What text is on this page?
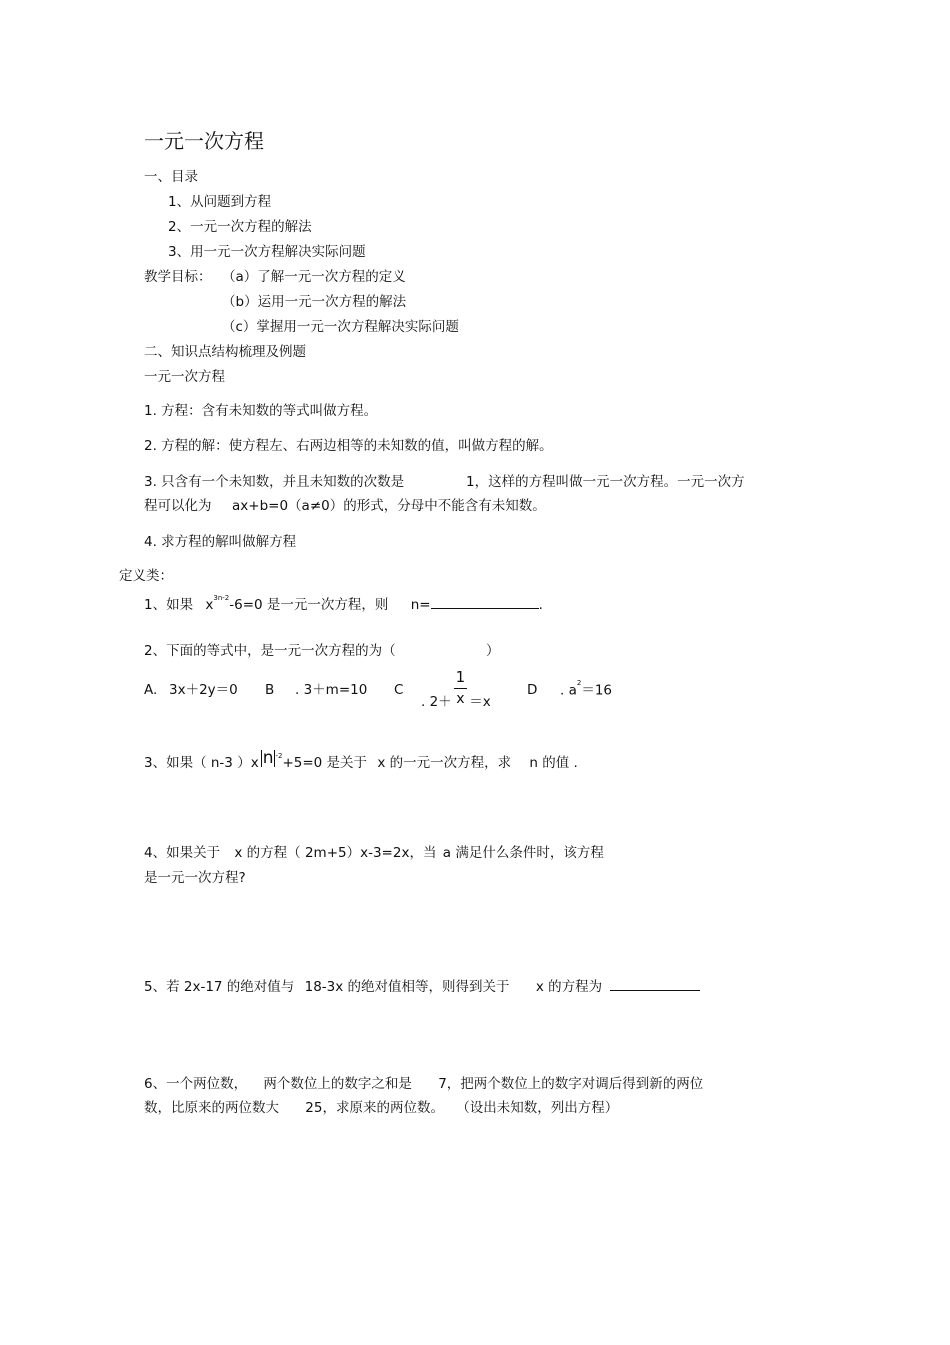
一元一次方程
一、目录
1、从问题到方程
2、一元一次方程的解法
3、用一元一次方程解决实际问题
教学目标： （a）了解一元一次方程的定义
（b）运用一元一次方程的解法
（c）掌握用一元一次方程解决实际问题
二、知识点结构梳理及例题
一元一次方程
1. 方程：含有未知数的等式叫做方程。
2. 方程的解：使方程左、右两边相等的未知数的值，叫做方程的解。
3. 只含有一个未知数，并且未知数的次数是	1，这样的方程叫做一元一次方程。一元一次方
程可以化为 ax+b=0（a≠0）的形式，分母中不能含有未知数。
4. 求方程的解叫做解方程
定义类：
1、如果 $x^{3n-2}-6=0$ 是一元一次方程，则 n=	.
2、下面的等式中，是一元一次方程的为（	）
A. 3x＋2y＝0 B . 3＋m=10 C
. $2+ \frac{1}{x} =x$
D . $a^2=16$
3、如果（ n-3 ）x n $^{-2}$+5=0 是关于 x 的一元一次方程，求 n 的值 .
4、如果关于 x 的方程（ 2m+5）x-3=2x，当 a 满足什么条件时，该方程
是一元一次方程?
5、若 2x-17 的绝对值与 18-3x 的绝对值相等，则得到关于 x 的方程为
6、一个两位数， 两个数位上的数字之和是 7，把两个数位上的数字对调后得到新的两位
数，比原来的两位数大 25，求原来的两位数。 （设出未知数，列出方程）
